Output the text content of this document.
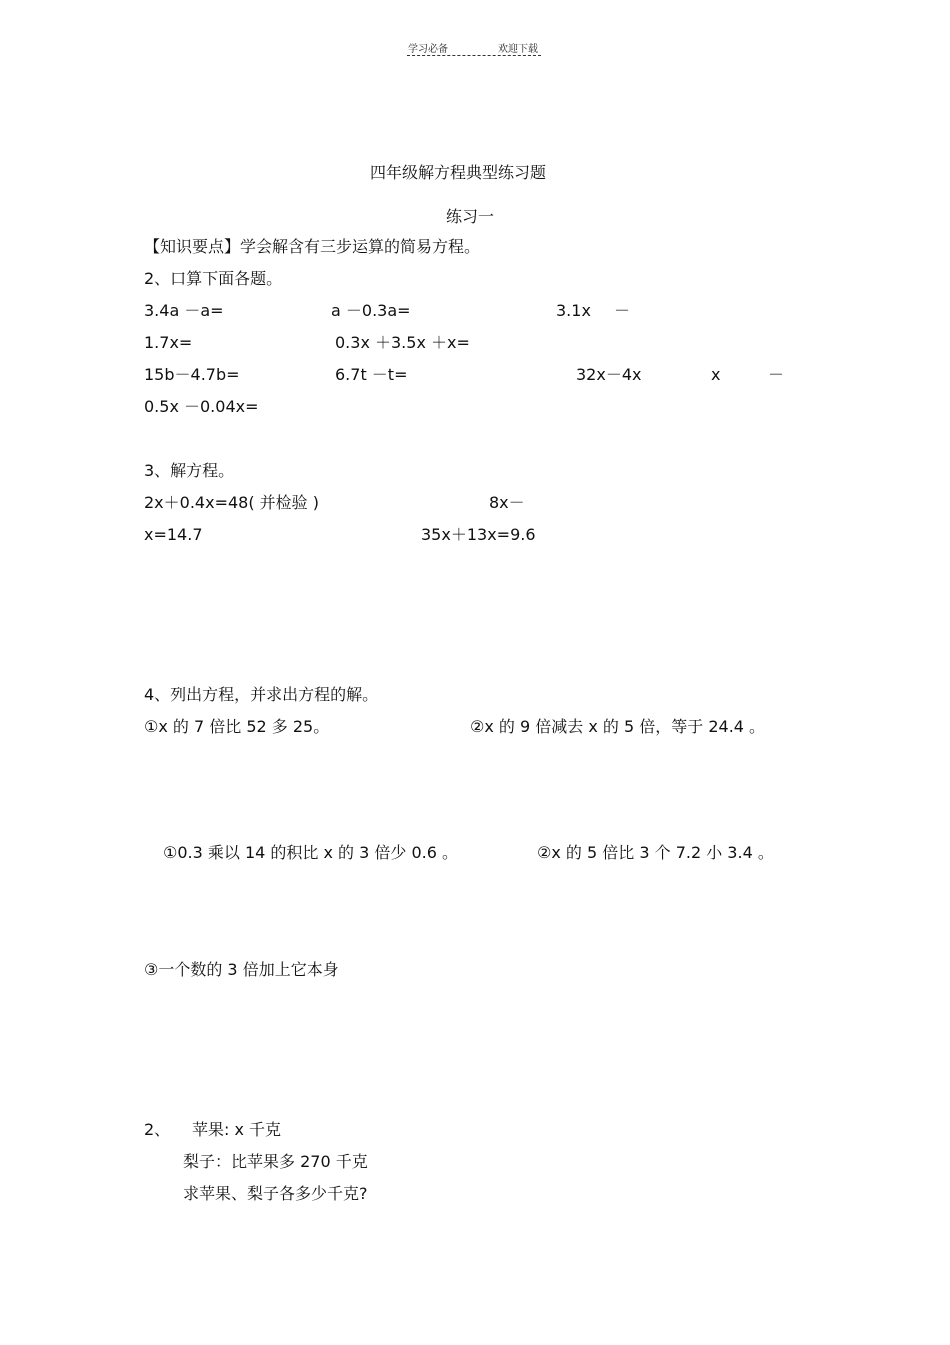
学习必备	欢迎下载
四年级解方程典型练习题
练习一
【知识要点】学会解含有三步运算的简易方程。
2、口算下面各题。
3.4a －a=	a －0.3a=	3.1x －
1.7x=	0.3x ＋3.5x ＋x=
15b－4.7b=	6.7t －t=	32x－4x	x	－
0.5x －0.04x=
3、解方程。
2x＋0.4x=48( 并检验 )	8x－
x=14.7	35x＋13x=9.6
4、列出方程，并求出方程的解。
①x 的 7 倍比 52 多 25。	②x 的 9 倍减去 x 的 5 倍，等于 24.4 。
①0.3 乘以 14 的积比 x 的 3 倍少 0.6 。	②x 的 5 倍比 3 个 7.2 小 3.4 。
③一个数的 3 倍加上它本身
2、 苹果: x 千克
梨子：比苹果多 270 千克
求苹果、梨子各多少千克?
